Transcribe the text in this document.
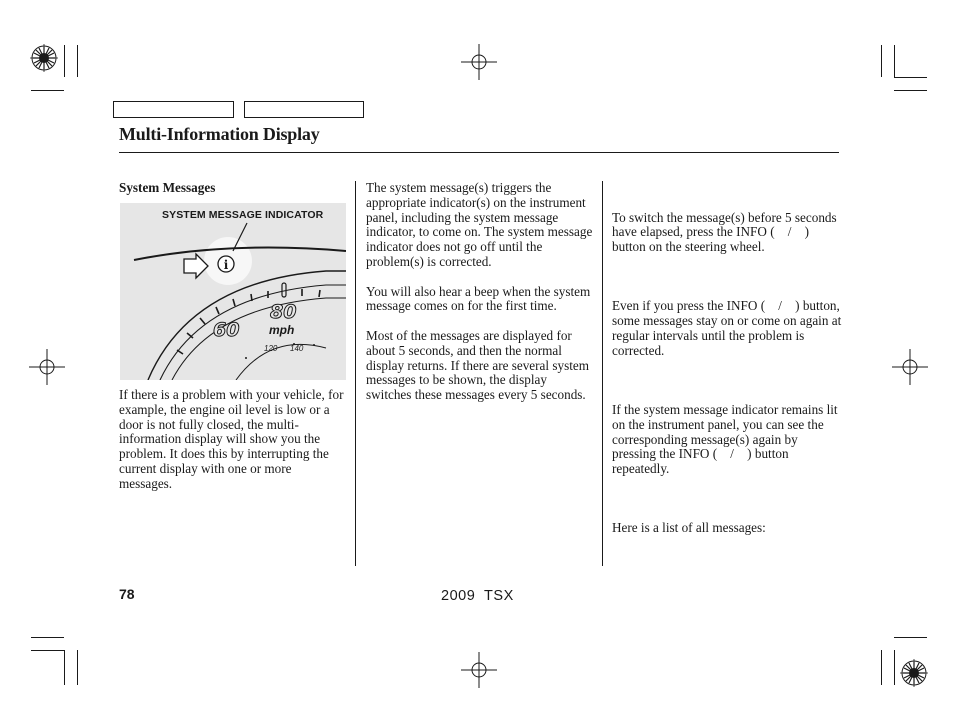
Multi-Information Display
System Messages
SYSTEM MESSAGE INDICATOR
i
80
60 mph
120 140

If there is a problem with your vehicle, for example, the engine oil level is low or a door is not fully closed, the multi-information display will show you the problem. It does this by interrupting the current display with one or more messages.

The system message(s) triggers the appropriate indicator(s) on the instrument panel, including the system message indicator, to come on. The system message indicator does not go off until the problem(s) is corrected.

You will also hear a beep when the system message comes on for the first time.

Most of the messages are displayed for about 5 seconds, and then the normal display returns. If there are several system messages to be shown, the display switches these messages every 5 seconds.

To switch the message(s) before 5 seconds have elapsed, press the INFO (    /    ) button on the steering wheel.

Even if you press the INFO (    /    ) button, some messages stay on or come on again at regular intervals until the problem is corrected.

If the system message indicator remains lit on the instrument panel, you can see the corresponding message(s) again by pressing the INFO (    /    ) button repeatedly.

Here is a list of all messages:

78	2009  TSX
